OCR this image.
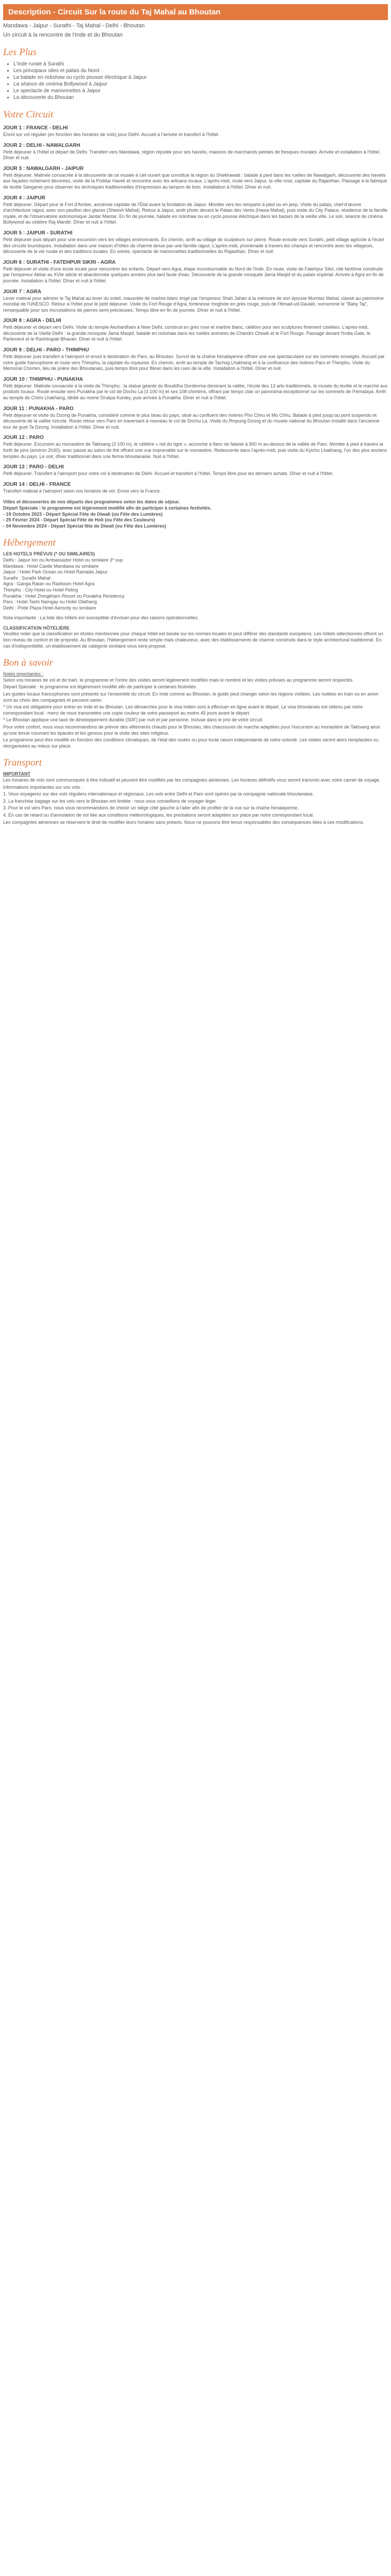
Description - Circuit Sur la route du Taj Mahal au Bhoutan

Mandawa - Jaipur - Surathi - Taj Mahal - Delhi - Bhoutan

Un circuit à la rencontre de l'Inde et du Bhoutan

Les Plus
• L'Inde rurale à Surathi
• Les principaux sites et palais du Nord
• La balade en rickshaw ou cyclo pousse électrique à Jaipur
• La séance de cinéma Bollywood à Jaipur
• Le spectacle de marionnettes à Jaipur
• La découverte du Bhoutan
Votre Circuit
JOUR 1 : FRANCE - DELHI

Envol sur vol régulier (en fonction des horaires de vols) pour Delhi. Accueil à l'arrivée et transfert à l'hôtel.

JOUR 2 : DELHI - NAWALGARH

Petit déjeuner à l'hôtel et départ de Delhi. Transfert vers Mandawa, région réputée pour ses havelis, maisons de marchands peintes de fresques murales. Arrivée et installation à l'hôtel. Dîner et nuit.

JOUR 3 : NAWALGARH - JAIPUR

Petit déjeuner. Matinée consacrée à la découverte de ce musée à ciel ouvert que constitue la région du Shekhawati : balade à pied dans les ruelles de Nawalgarh, découverte des havelis aux façades richement décorées, visite de la Poddar Haveli et rencontre avec les artisans locaux. L'après-midi, route vers Jaipur, la ville rose, capitale du Rajasthan. Passage à la fabrique de textile Sanganer pour observer les techniques traditionnelles d'impression au tampon de bois. Installation à l'hôtel. Dîner et nuit.

JOUR 4 : JAIPUR

Petit déjeuner. Départ pour le Fort d'Amber, ancienne capitale de l'État avant la fondation de Jaipur. Montée vers les remparts à pied ou en jeep. Visite du palais, chef-d'œuvre d'architecture rajput, avec son pavillon des glaces (Sheesh Mahal). Retour à Jaipur, arrêt photo devant le Palais des Vents (Hawa Mahal), puis visite du City Palace, résidence de la famille royale, et de l'observatoire astronomique Jantar Mantar. En fin de journée, balade en rickshaw ou en cyclo pousse électrique dans les bazars de la vieille ville. Le soir, séance de cinéma Bollywood au célèbre Raj Mandir. Dîner et nuit à l'hôtel.

JOUR 5 : JAIPUR - SURATHI

Petit déjeuner puis départ pour une excursion vers les villages environnants. En chemin, arrêt au village de sculpteurs sur pierre. Route ensuite vers Surathi, petit village agricole à l'écart des circuits touristiques. Installation dans une maison d'hôtes de charme tenue par une famille rajput. L'après-midi, promenade à travers les champs et rencontre avec les villageois, découverte de la vie rurale et des traditions locales. En soirée, spectacle de marionnettes traditionnelles du Rajasthan. Dîner et nuit.

JOUR 6 : SURATHI - FATEHPUR SIKRI - AGRA

Petit déjeuner et visite d'une école locale pour rencontrer les enfants. Départ vers Agra, étape incontournable du Nord de l'Inde. En route, visite de Fatehpur Sikri, cité fantôme construite par l'empereur Akbar au XVIe siècle et abandonnée quelques années plus tard faute d'eau. Découverte de la grande mosquée Jama Masjid et du palais impérial. Arrivée à Agra en fin de journée. Installation à l'hôtel. Dîner et nuit à l'hôtel.

JOUR 7 : AGRA

Lever matinal pour admirer le Taj Mahal au lever du soleil, mausolée de marbre blanc érigé par l'empereur Shah Jahan à la mémoire de son épouse Mumtaz Mahal, classé au patrimoine mondial de l'UNESCO. Retour à l'hôtel pour le petit déjeuner. Visite du Fort Rouge d'Agra, forteresse moghole en grès rouge, puis de l'Itimad-ud-Daulah, surnommé le "Baby Taj", remarquable pour ses incrustations de pierres semi-précieuses. Temps libre en fin de journée. Dîner et nuit à l'hôtel.

JOUR 8 : AGRA - DELHI

Petit déjeuner et départ vers Delhi. Visite du temple Akshardham à New Delhi, construit en grès rose et marbre blanc, célèbre pour ses sculptures finement ciselées. L'après-midi, découverte de la Vieille Delhi : la grande mosquée Jama Masjid, balade en rickshaw dans les ruelles animées de Chandni Chowk et le Fort Rouge. Passage devant l'India Gate, le Parlement et le Rashtrapati Bhavan. Dîner et nuit à l'hôtel.

JOUR 9 : DELHI - PARO - THIMPHU

Petit déjeuner puis transfert à l'aéroport et envol à destination de Paro, au Bhoutan. Survol de la chaîne himalayenne offrant une vue spectaculaire sur les sommets enneigés. Accueil par votre guide francophone et route vers Thimphu, la capitale du royaume. En chemin, arrêt au temple de Tachog Lhakhang et à la confluence des rivières Paro et Thimphu. Visite du Memorial Chorten, lieu de prière des Bhoutanais, puis temps libre pour flâner dans les rues de la ville. Installation à l'hôtel. Dîner et nuit.

JOUR 10 : THIMPHU - PUNAKHA

Petit déjeuner. Matinée consacrée à la visite de Thimphu : la statue géante du Bouddha Dordenma dominant la vallée, l'école des 13 arts traditionnels, le musée du textile et le marché aux produits locaux. Route ensuite vers Punakha par le col de Dochu La (3 100 m) et ses 108 chortens, offrant par temps clair un panorama exceptionnel sur les sommets de l'Himalaya. Arrêt au temple de Chimi Lhakhang, dédié au moine Drukpa Kunley, puis arrivée à Punakha. Dîner et nuit à l'hôtel.

JOUR 11 : PUNAKHA - PARO

Petit déjeuner et visite du Dzong de Punakha, considéré comme le plus beau du pays, situé au confluent des rivières Pho Chhu et Mo Chhu. Balade à pied jusqu'au pont suspendu et découverte de la vallée rizicole. Route retour vers Paro en traversant à nouveau le col de Dochu La. Visite du Rinpung Dzong et du musée national du Bhoutan installé dans l'ancienne tour de guet Ta Dzong. Installation à l'hôtel. Dîner et nuit.

JOUR 12 : PARO

Petit déjeuner. Excursion au monastère de Taktsang (3 100 m), le célèbre « nid du tigre », accroché à flanc de falaise à 900 m au-dessus de la vallée de Paro. Montée à pied à travers la forêt de pins (environ 2h30), avec pause au salon de thé offrant une vue imprenable sur le monastère. Redescente dans l'après-midi, puis visite du Kyichu Lhakhang, l'un des plus anciens temples du pays. Le soir, dîner traditionnel dans une ferme bhoutanaise. Nuit à l'hôtel.

JOUR 13 : PARO - DELHI

Petit déjeuner. Transfert à l'aéroport pour votre vol à destination de Delhi. Accueil et transfert à l'hôtel. Temps libre pour les derniers achats. Dîner et nuit à l'hôtel.

JOUR 14 : DELHI - FRANCE

Transfert matinal à l'aéroport selon vos horaires de vol. Envol vers la France.

Villes et découvertes de nos départs des programmes selon les dates de séjour.

Départ Spéciale : le programme est légèrement modifié afin de participer à certaines festivités.

- 19 Octobre 2023 - Départ Spécial Fête de Diwali (ou Fête des Lumières)

- 25 Février 2024 - Départ Spécial Fête de Holi (ou Fête des Couleurs)

- 04 Novembre 2024 - Départ Spécial fête de Diwali (ou Fête des Lumières)

Hébergement

LES HOTELS PRÉVUS (* OU SIMILAIRES)

Delhi : Jaipur Inn ou Ambassador Hotel ou similaire 3* sup

Mandawa : Hotel Castle Mandawa ou similaire

Jaipur : Hotel Park Ocean ou Hotel Ramada Jaipur

Surathi : Surathi Mahal

Agra : Ganga Ratan ou Radisson Hotel Agra

Thimphu : City Hotel ou Hotel Peling

Punakha : Hotel Zhingkham Resort ou Punakha Residency

Paro : Hotel Tashi Namgay ou Hotel Olathang

Delhi : Pride Plaza Hotel Aerocity ou similaire

Nota importante : La liste des hôtels est susceptible d'évoluer pour des raisons opérationnelles.

CLASSIFICATION HÔTELIÈRE

Veuillez noter que la classification en étoiles mentionnée pour chaque hôtel est basée sur les normes locales et peut différer des standards européens. Les hôtels sélectionnés offrent un bon niveau de confort et de propreté. Au Bhoutan, l'hébergement reste simple mais chaleureux, avec des établissements de charme construits dans le style architectural traditionnel. En cas d'indisponibilité, un établissement de catégorie similaire vous sera proposé.

Bon à savoir

Notes importantes :

Selon vos horaires de vol et de train, le programme et l'ordre des visites seront légèrement modifiés mais le nombre et les visites prévues au programme seront respectés.

Départ Spéciale : le programme est légèrement modifié afin de participer à certaines festivités.

Les guides locaux francophones sont présents sur l'ensemble du circuit. En Inde comme au Bhoutan, le guide peut changer selon les régions visitées. Les nuitées en train ou en avion sont au choix des compagnies et peuvent varier.

* Un visa est obligatoire pour entrer en Inde et au Bhoutan. Les démarches pour le visa indien sont à effectuer en ligne avant le départ. Le visa bhoutanais est obtenu par notre correspondant local : merci de nous transmettre une copie couleur de votre passeport au moins 45 jours avant le départ.

* Le Bhoutan applique une taxe de développement durable (SDF) par nuit et par personne, incluse dans le prix de votre circuit.

Pour votre confort, nous vous recommandons de prévoir des vêtements chauds pour le Bhoutan, des chaussures de marche adaptées pour l'excursion au monastère de Taktsang ainsi qu'une tenue couvrant les épaules et les genoux pour la visite des sites religieux.

Le programme peut être modifié en fonction des conditions climatiques, de l'état des routes ou pour toute raison indépendante de notre volonté. Les visites seront alors remplacées ou réorganisées au mieux sur place.

Transport

IMPORTANT

Les horaires de vols sont communiqués à titre indicatif et peuvent être modifiés par les compagnies aériennes. Les horaires définitifs vous seront transmis avec votre carnet de voyage.

Informations importantes sur vos vols :

1. Vous voyagerez sur des vols réguliers internationaux et régionaux. Les vols entre Delhi et Paro sont opérés par la compagnie nationale bhoutanaise.

2. La franchise bagage sur les vols vers le Bhoutan est limitée : nous vous conseillons de voyager léger.

3. Pour le vol vers Paro, nous vous recommandons de choisir un siège côté gauche à l'aller afin de profiter de la vue sur la chaîne himalayenne.

4. En cas de retard ou d'annulation de vol liée aux conditions météorologiques, les prestations seront adaptées sur place par notre correspondant local.

Les compagnies aériennes se réservent le droit de modifier leurs horaires sans préavis. Nous ne pouvons être tenus responsables des conséquences liées à ces modifications.
